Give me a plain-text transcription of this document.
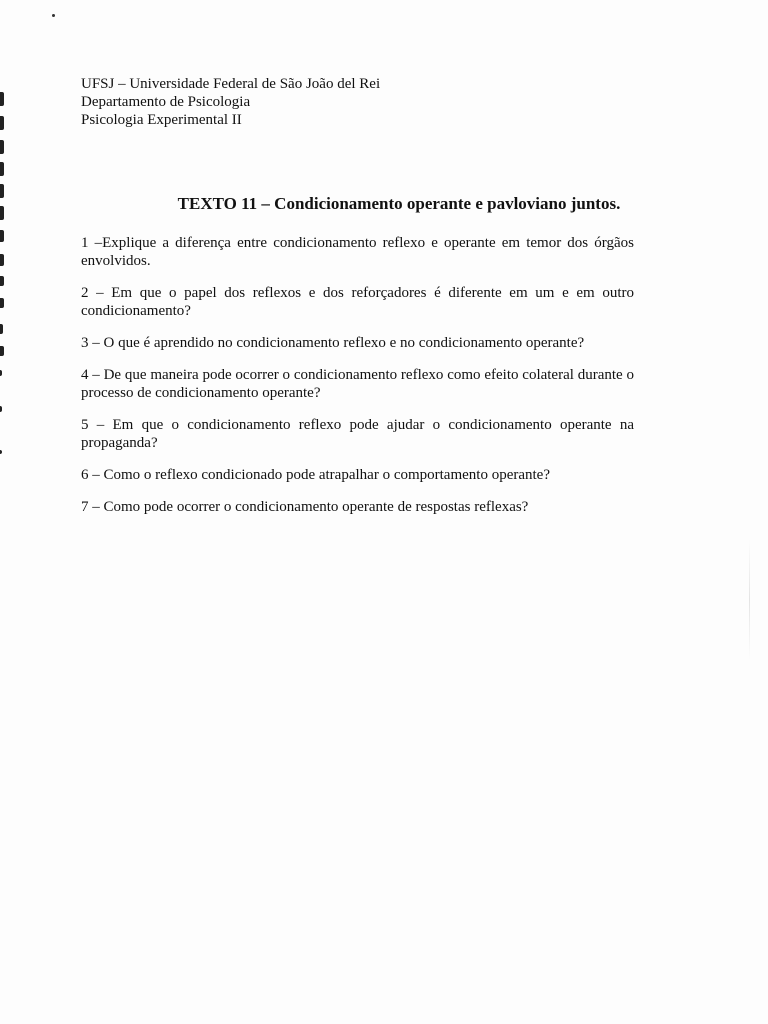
UFSJ – Universidade Federal de São João del Rei
Departamento de Psicologia
Psicologia Experimental II
TEXTO 11 – Condicionamento operante e pavloviano juntos.

1 –Explique a diferença entre condicionamento reflexo e operante em temor dos órgãos envolvidos.

2 – Em que o papel dos reflexos e dos reforçadores é diferente em um e em outro condicionamento?

3 – O que é aprendido no condicionamento reflexo e no condicionamento operante?

4 – De que maneira pode ocorrer o condicionamento reflexo como efeito colateral durante o processo de condicionamento operante?

5 – Em que o condicionamento reflexo pode ajudar o condicionamento operante na propaganda?

6 – Como o reflexo condicionado pode atrapalhar o comportamento operante?

7 – Como pode ocorrer o condicionamento operante de respostas reflexas?
